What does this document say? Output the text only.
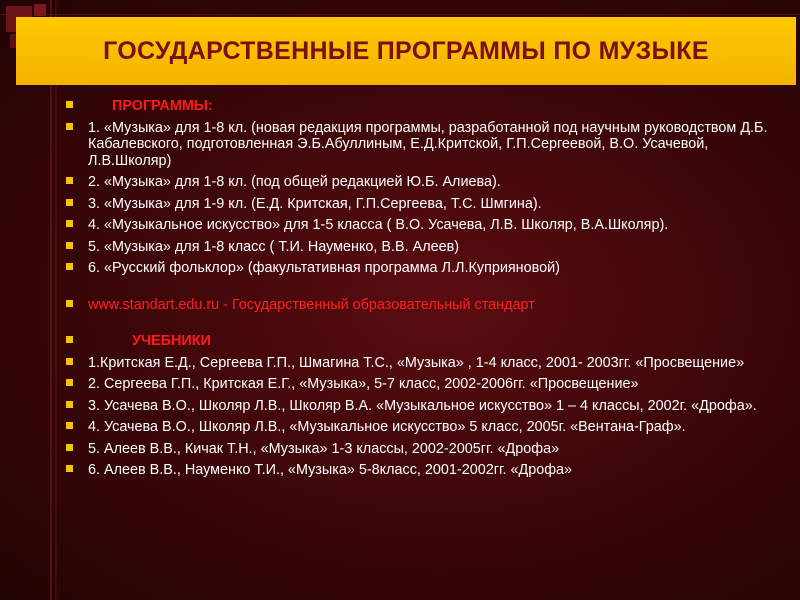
ГОСУДАРСТВЕННЫЕ ПРОГРАММЫ ПО МУЗЫКЕ
ПРОГРАММЫ:
1. «Музыка» для 1-8 кл. (новая редакция программы, разработанной под научным руководством Д.Б. Кабалевского, подготовленная Э.Б.Абуллиным, Е.Д.Критской, Г.П.Сергеевой, В.О. Усачевой, Л.В.Школяр)
2. «Музыка» для 1-8 кл. (под общей редакцией Ю.Б. Алиева).
3. «Музыка» для 1-9 кл. (Е.Д. Критская, Г.П.Сергеева, Т.С. Шмгина).
4. «Музыкальное искусство» для 1-5 класса ( В.О. Усачева, Л.В. Школяр, В.А.Школяр).
5. «Музыка» для 1-8 класс ( Т.И. Науменко, В.В. Алеев)
6. «Русский фольклор» (факультативная программа Л.Л.Куприяновой)
www.standart.edu.ru - Государственный образовательный стандарт
УЧЕБНИКИ
1.Критская Е.Д., Сергеева Г.П., Шмагина Т.С., «Музыка» , 1-4 класс, 2001- 2003гг. «Просвещение»
2. Сергеева Г.П., Критская Е.Г., «Музыка», 5-7 класс, 2002-2006гг. «Просвещение»
3. Усачева В.О., Школяр Л.В., Школяр В.А. «Музыкальное искусство» 1 – 4 классы, 2002г. «Дрофа».
4. Усачева В.О., Школяр Л.В., «Музыкальное искусство» 5 класс, 2005г. «Вентана-Граф».
5. Алеев В.В., Кичак Т.Н., «Музыка» 1-3 классы, 2002-2005гг. «Дрофа»
6. Алеев В.В., Науменко Т.И., «Музыка» 5-8класс, 2001-2002гг. «Дрофа»
